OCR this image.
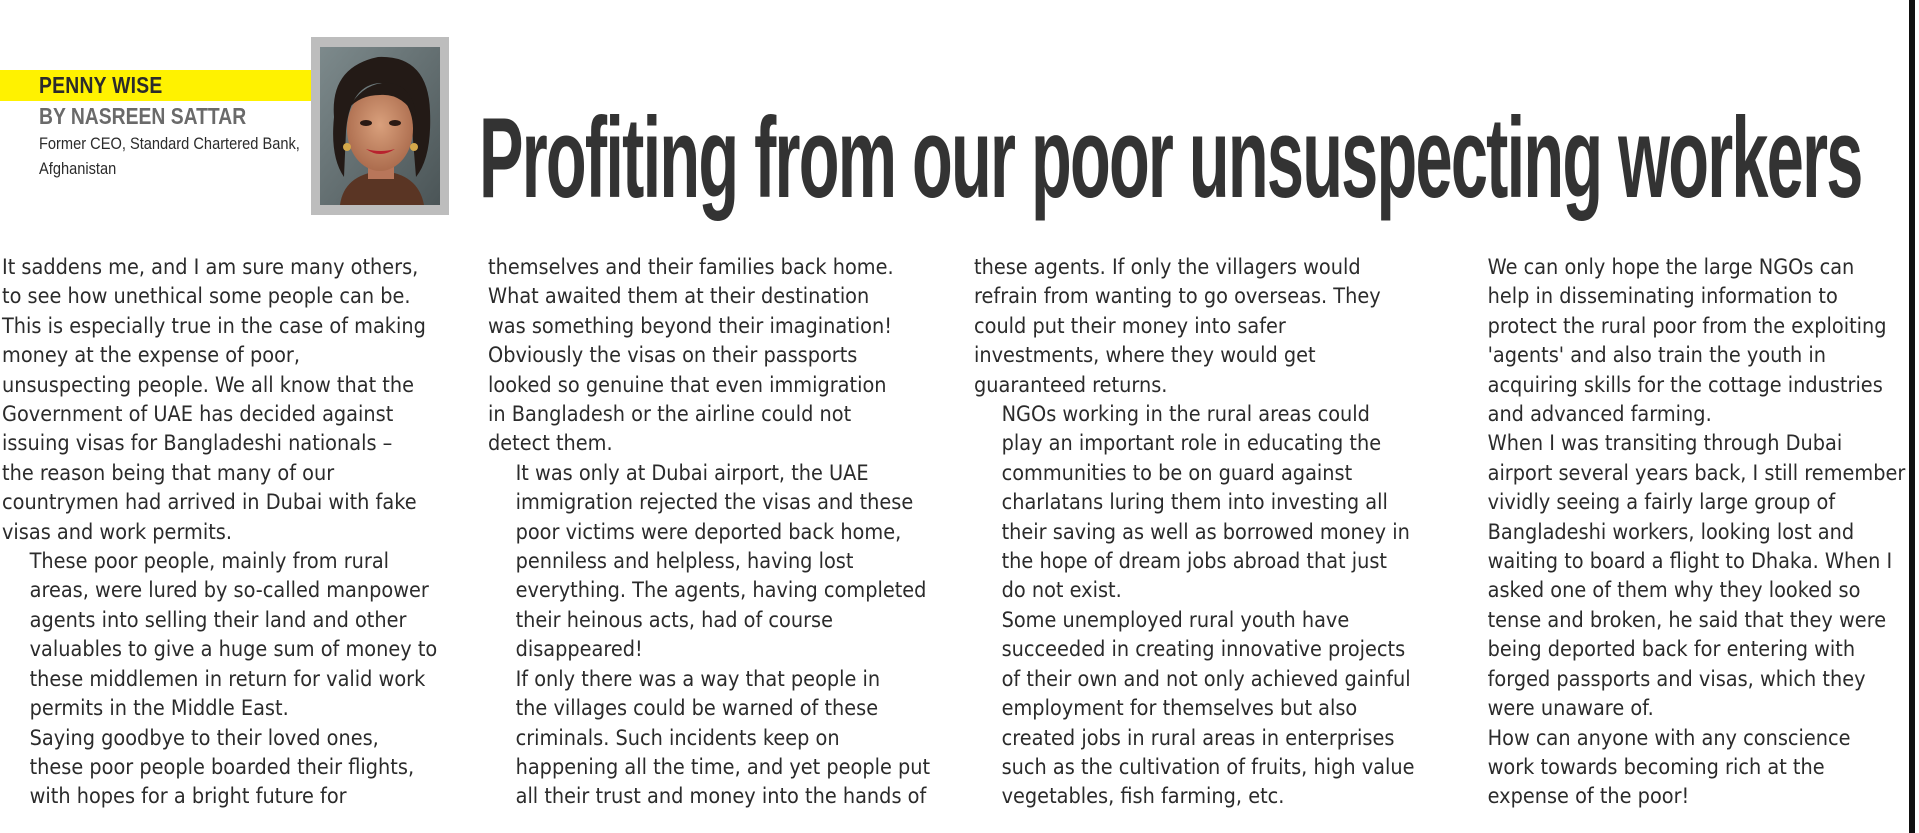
PENNY WISE
BY NASREEN SATTAR
Former CEO, Standard Chartered Bank,
Afghanistan	Profiting from our poor unsuspecting workers

It saddens me, and I am sure many others,
to see how unethical some people can be.
This is especially true in the case of making
money at the expense of poor,
unsuspecting people. We all know that the
Government of UAE has decided against
issuing visas for Bangladeshi nationals –
the reason being that many of our
countrymen had arrived in Dubai with fake
visas and work permits.

These poor people, mainly from rural
areas, were lured by so-called manpower
agents into selling their land and other
valuables to give a huge sum of money to
these middlemen in return for valid work
permits in the Middle East.

Saying goodbye to their loved ones,
these poor people boarded their flights,
with hopes for a bright future for

themselves and their families back home.
What awaited them at their destination
was something beyond their imagination!
Obviously the visas on their passports
looked so genuine that even immigration
in Bangladesh or the airline could not
detect them.

It was only at Dubai airport, the UAE
immigration rejected the visas and these
poor victims were deported back home,
penniless and helpless, having lost
everything. The agents, having completed
their heinous acts, had of course
disappeared!

If only there was a way that people in
the villages could be warned of these
criminals. Such incidents keep on
happening all the time, and yet people put
all their trust and money into the hands of

these agents. If only the villagers would
refrain from wanting to go overseas. They
could put their money into safer
investments, where they would get
guaranteed returns.

NGOs working in the rural areas could
play an important role in educating the
communities to be on guard against
charlatans luring them into investing all
their saving as well as borrowed money in
the hope of dream jobs abroad that just
do not exist.

Some unemployed rural youth have
succeeded in creating innovative projects
of their own and not only achieved gainful
employment for themselves but also
created jobs in rural areas in enterprises
such as the cultivation of fruits, high value
vegetables, fish farming, etc.

We can only hope the large NGOs can
help in disseminating information to
protect the rural poor from the exploiting
'agents' and also train the youth in
acquiring skills for the cottage industries
and advanced farming.

When I was transiting through Dubai
airport several years back, I still remember
vividly seeing a fairly large group of
Bangladeshi workers, looking lost and
waiting to board a flight to Dhaka. When I
asked one of them why they looked so
tense and broken, he said that they were
being deported back for entering with
forged passports and visas, which they
were unaware of.

How can anyone with any conscience
work towards becoming rich at the
expense of the poor!
